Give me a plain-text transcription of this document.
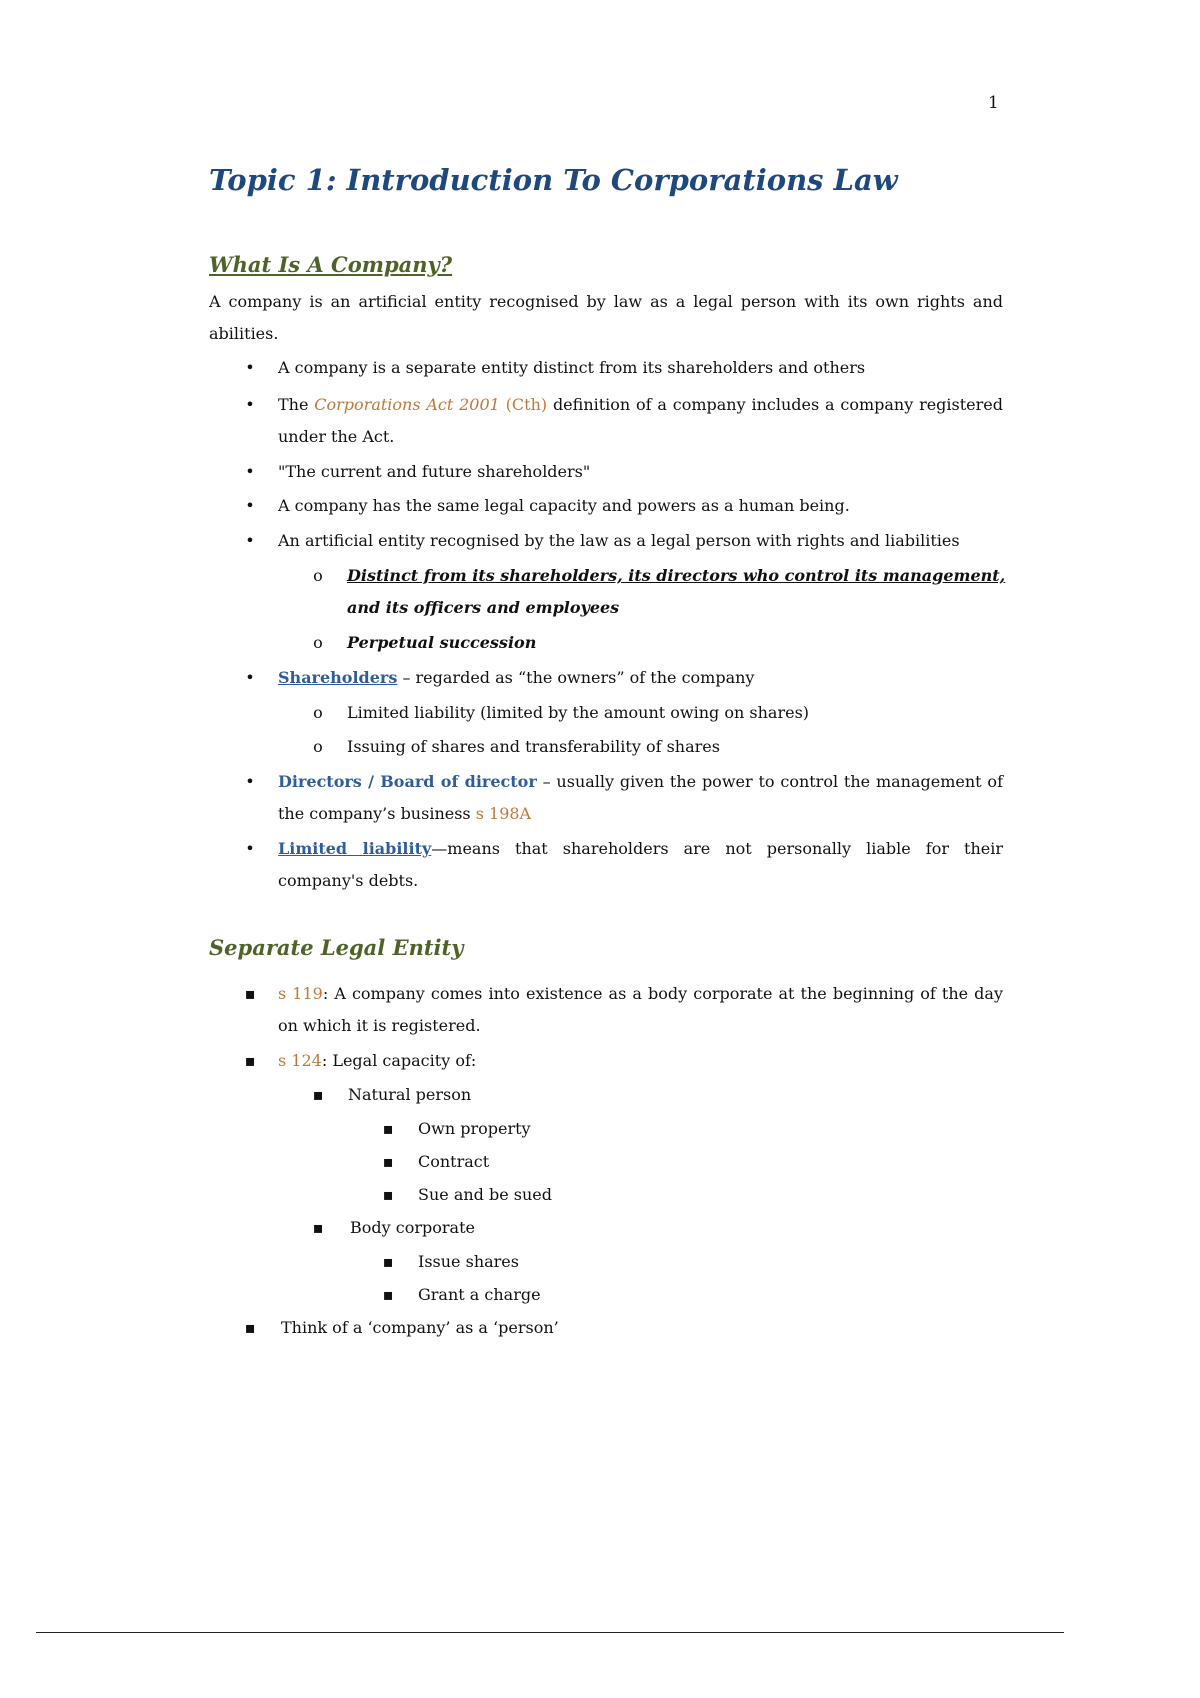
1
Topic 1: Introduction To Corporations Law
What Is A Company?

A company is an artificial entity recognised by law as a legal person with its own rights and abilities.

•	A company is a separate entity distinct from its shareholders and others
•	The Corporations Act 2001 (Cth) definition of a company includes a company registered under the Act.
•	"The current and future shareholders"
•	A company has the same legal capacity and powers as a human being.
•	An artificial entity recognised by the law as a legal person with rights and liabilities
o	Distinct from its shareholders, its directors who control its management,
and its officers and employees
o	Perpetual succession
•	Shareholders – regarded as “the owners” of the company
o	Limited liability (limited by the amount owing on shares)
o	Issuing of shares and transferability of shares
•	Directors / Board of director – usually given the power to control the management of the company’s business s 198A
•	Limited liability—means that shareholders are not personally liable for their company's debts.
Separate Legal Entity
▪ s 119: A company comes into existence as a body corporate at the beginning of the day on which it is registered.
▪ s 124: Legal capacity of:
▪ Natural person
▪ Own property
▪ Contract
▪ Sue and be sued
▪ Body corporate
▪ Issue shares
▪ Grant a charge
▪ Think of a ‘company’ as a ‘person’
